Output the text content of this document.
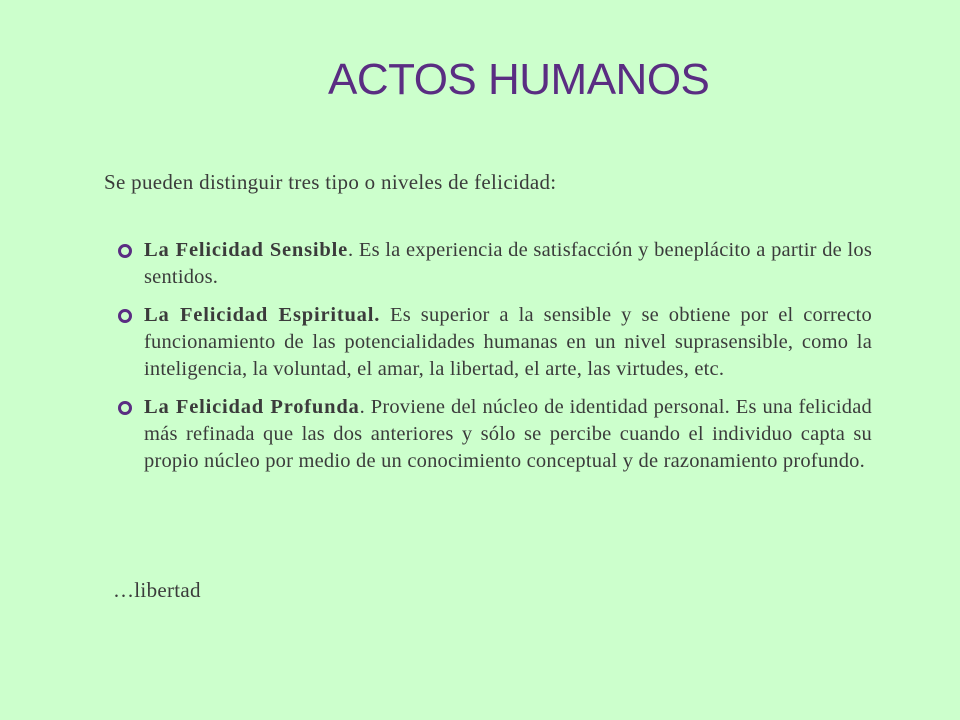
ACTOS HUMANOS
Se pueden distinguir tres tipo o niveles de felicidad:
La Felicidad Sensible. Es la experiencia de satisfacción y beneplácito a partir de los sentidos.
La Felicidad Espiritual. Es superior a la sensible y se obtiene por el correcto funcionamiento de las potencialidades humanas en un nivel suprasensible, como la inteligencia, la voluntad, el amar, la libertad, el arte, las virtudes, etc.
La Felicidad Profunda. Proviene del núcleo de identidad personal. Es una felicidad más refinada que las dos anteriores y sólo se percibe cuando el individuo capta su propio núcleo por medio de un conocimiento conceptual y de razonamiento profundo.
…libertad
